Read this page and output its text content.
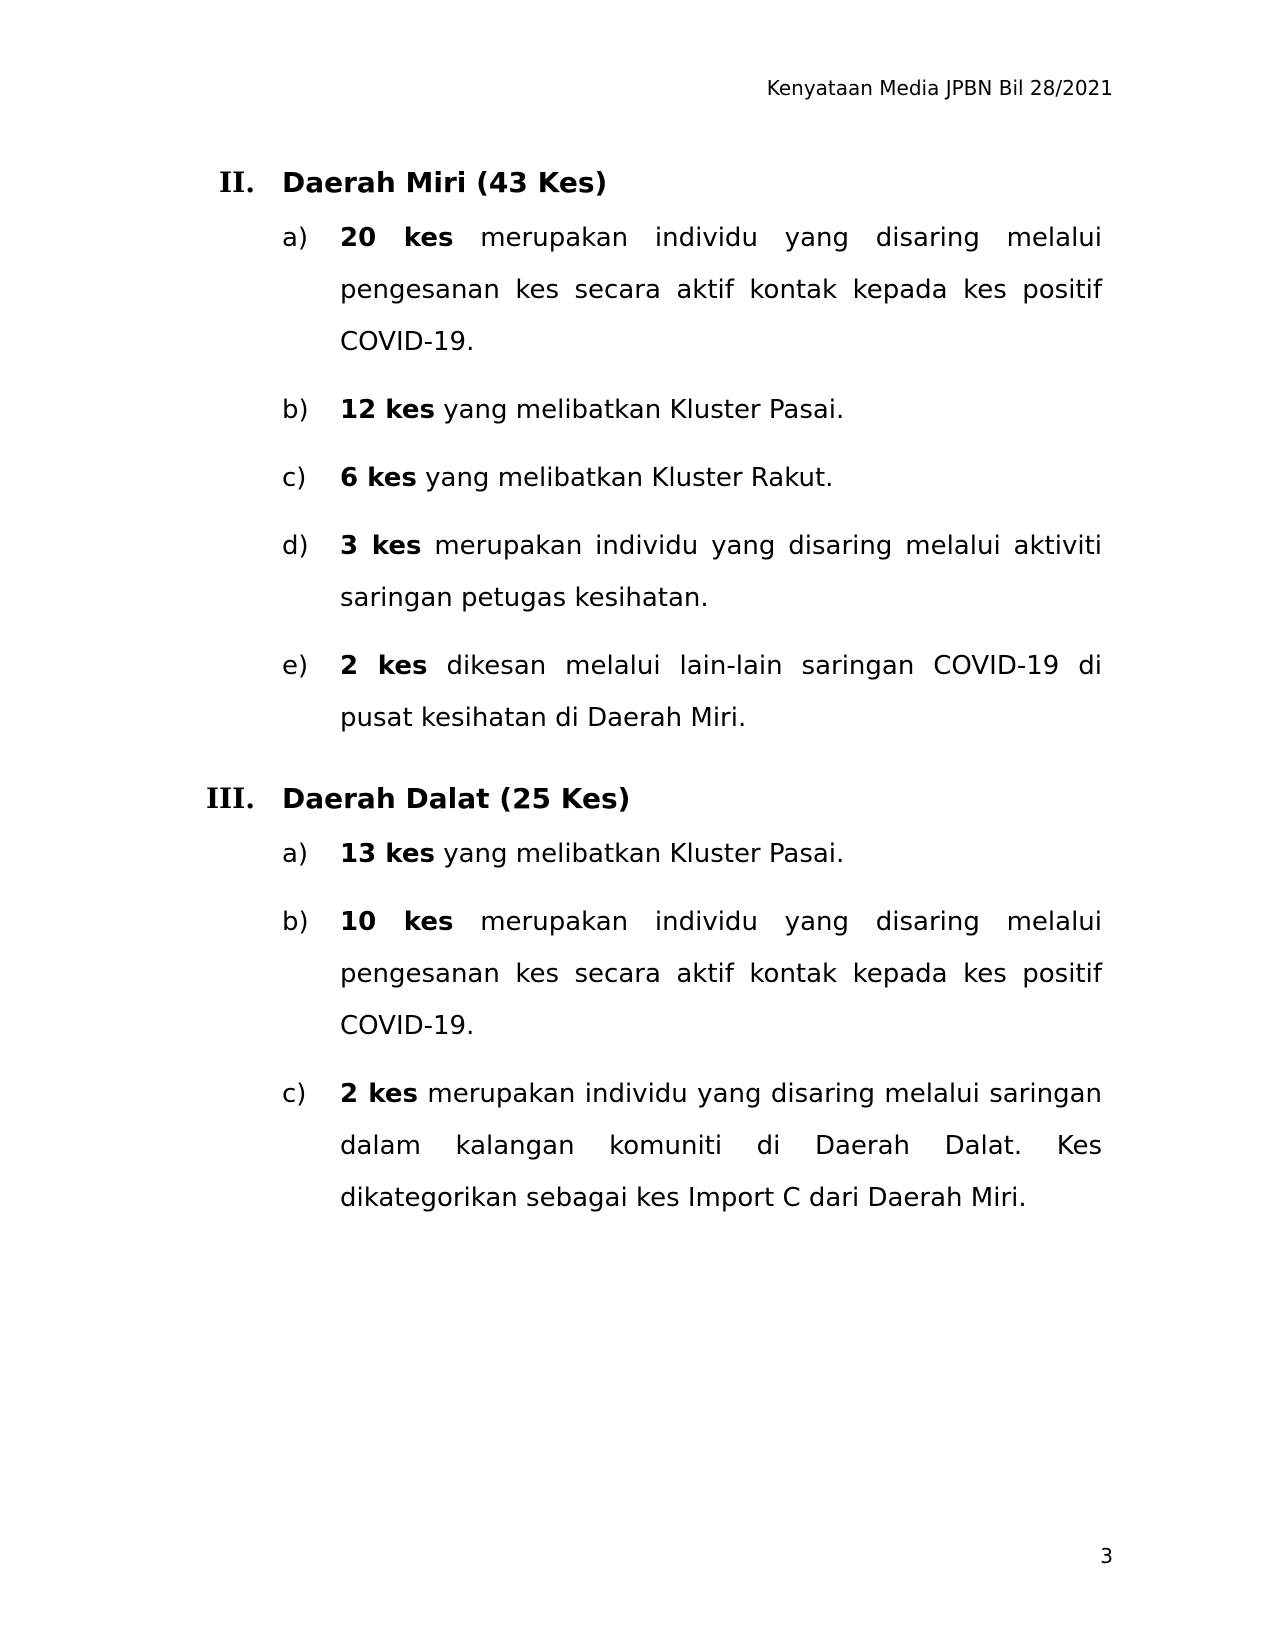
Kenyataan Media JPBN Bil 28/2021
II. Daerah Miri (43 Kes)
a) 20 kes merupakan individu yang disaring melalui pengesanan kes secara aktif kontak kepada kes positif COVID-19.
b) 12 kes yang melibatkan Kluster Pasai.
c) 6 kes yang melibatkan Kluster Rakut.
d) 3 kes merupakan individu yang disaring melalui aktiviti saringan petugas kesihatan.
e) 2 kes dikesan melalui lain-lain saringan COVID-19 di pusat kesihatan di Daerah Miri.
III. Daerah Dalat (25 Kes)
a) 13 kes yang melibatkan Kluster Pasai.
b) 10 kes merupakan individu yang disaring melalui pengesanan kes secara aktif kontak kepada kes positif COVID-19.
c) 2 kes merupakan individu yang disaring melalui saringan dalam kalangan komuniti di Daerah Dalat. Kes dikategorikan sebagai kes Import C dari Daerah Miri.
3
